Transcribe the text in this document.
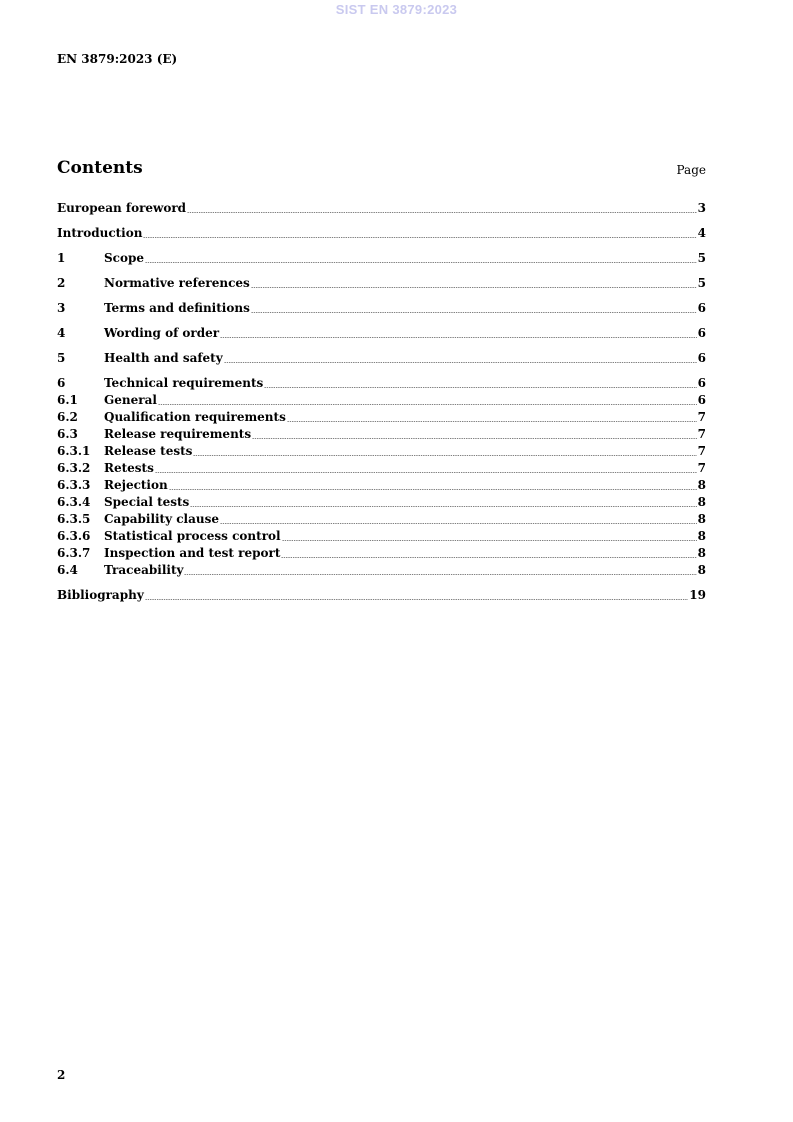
SIST EN 3879:2023
EN 3879:2023 (E)
Contents	Page
European foreword	3
Introduction	4
1	Scope	5
2	Normative references	5
3	Terms and definitions	6
4	Wording of order	6
5	Health and safety	6
6	Technical requirements	6
6.1	General	6
6.2	Qualification requirements	7
6.3	Release requirements	7
6.3.1	Release tests	7
6.3.2	Retests	7
6.3.3	Rejection	8
6.3.4	Special tests	8
6.3.5	Capability clause	8
6.3.6	Statistical process control	8
6.3.7	Inspection and test report	8
6.4	Traceability	8
Bibliography	19
2
